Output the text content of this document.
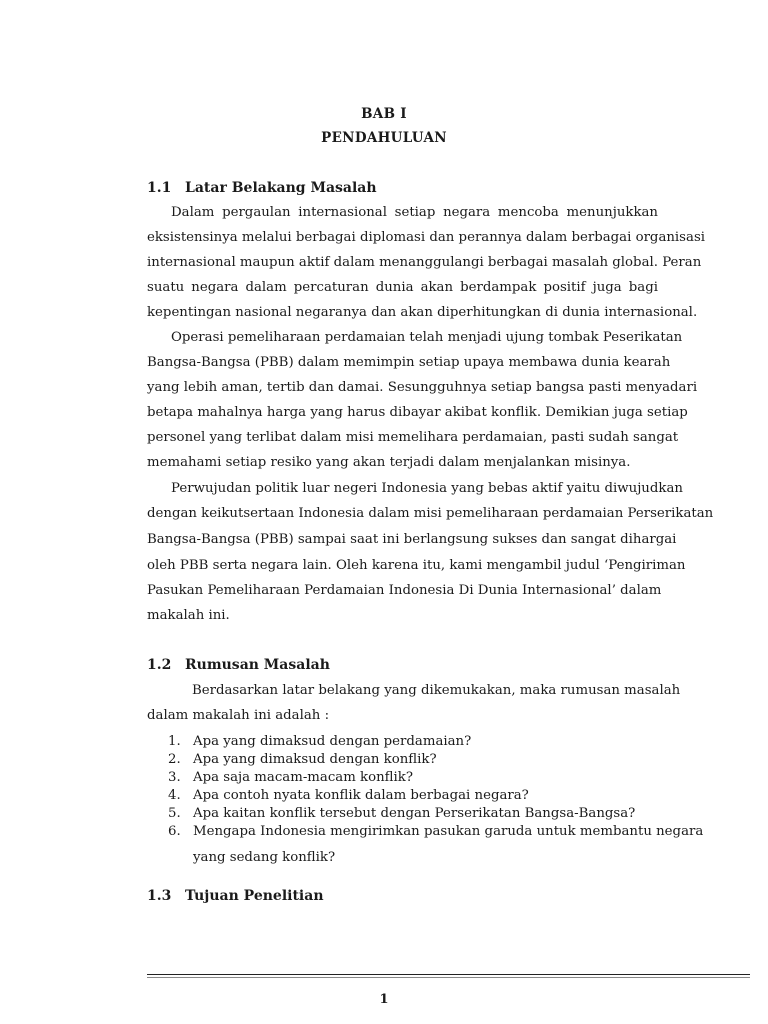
BAB I
PENDAHULUAN
1.1 Latar Belakang Masalah
Dalam pergaulan internasional setiap negara mencoba menunjukkan
eksistensinya melalui berbagai diplomasi dan perannya dalam berbagai organisasi
internasional maupun aktif dalam menanggulangi berbagai masalah global. Peran
suatu negara dalam percaturan dunia akan berdampak positif juga bagi
kepentingan nasional negaranya dan akan diperhitungkan di dunia internasional.
Operasi pemeliharaan perdamaian telah menjadi ujung tombak Peserikatan
Bangsa-Bangsa (PBB) dalam memimpin setiap upaya membawa dunia kearah
yang lebih aman, tertib dan damai. Sesungguhnya setiap bangsa pasti menyadari
betapa mahalnya harga yang harus dibayar akibat konflik. Demikian juga setiap
personel yang terlibat dalam misi memelihara perdamaian, pasti sudah sangat
memahami setiap resiko yang akan terjadi dalam menjalankan misinya.
Perwujudan politik luar negeri Indonesia yang bebas aktif yaitu diwujudkan
dengan keikutsertaan Indonesia dalam misi pemeliharaan perdamaian Perserikatan
Bangsa-Bangsa (PBB) sampai saat ini berlangsung sukses dan sangat dihargai
oleh PBB serta negara lain. Oleh karena itu, kami mengambil judul ‘Pengiriman
Pasukan Pemeliharaan Perdamaian Indonesia Di Dunia Internasional’ dalam
makalah ini.
1.2 Rumusan Masalah
Berdasarkan latar belakang yang dikemukakan, maka rumusan masalah
dalam makalah ini adalah :
1. Apa yang dimaksud dengan perdamaian?
2. Apa yang dimaksud dengan konflik?
3. Apa saja macam-macam konflik?
4. Apa contoh nyata konflik dalam berbagai negara?
5. Apa kaitan konflik tersebut dengan Perserikatan Bangsa-Bangsa?
6. Mengapa Indonesia mengirimkan pasukan garuda untuk membantu negara
yang sedang konflik?
1.3 Tujuan Penelitian
1
